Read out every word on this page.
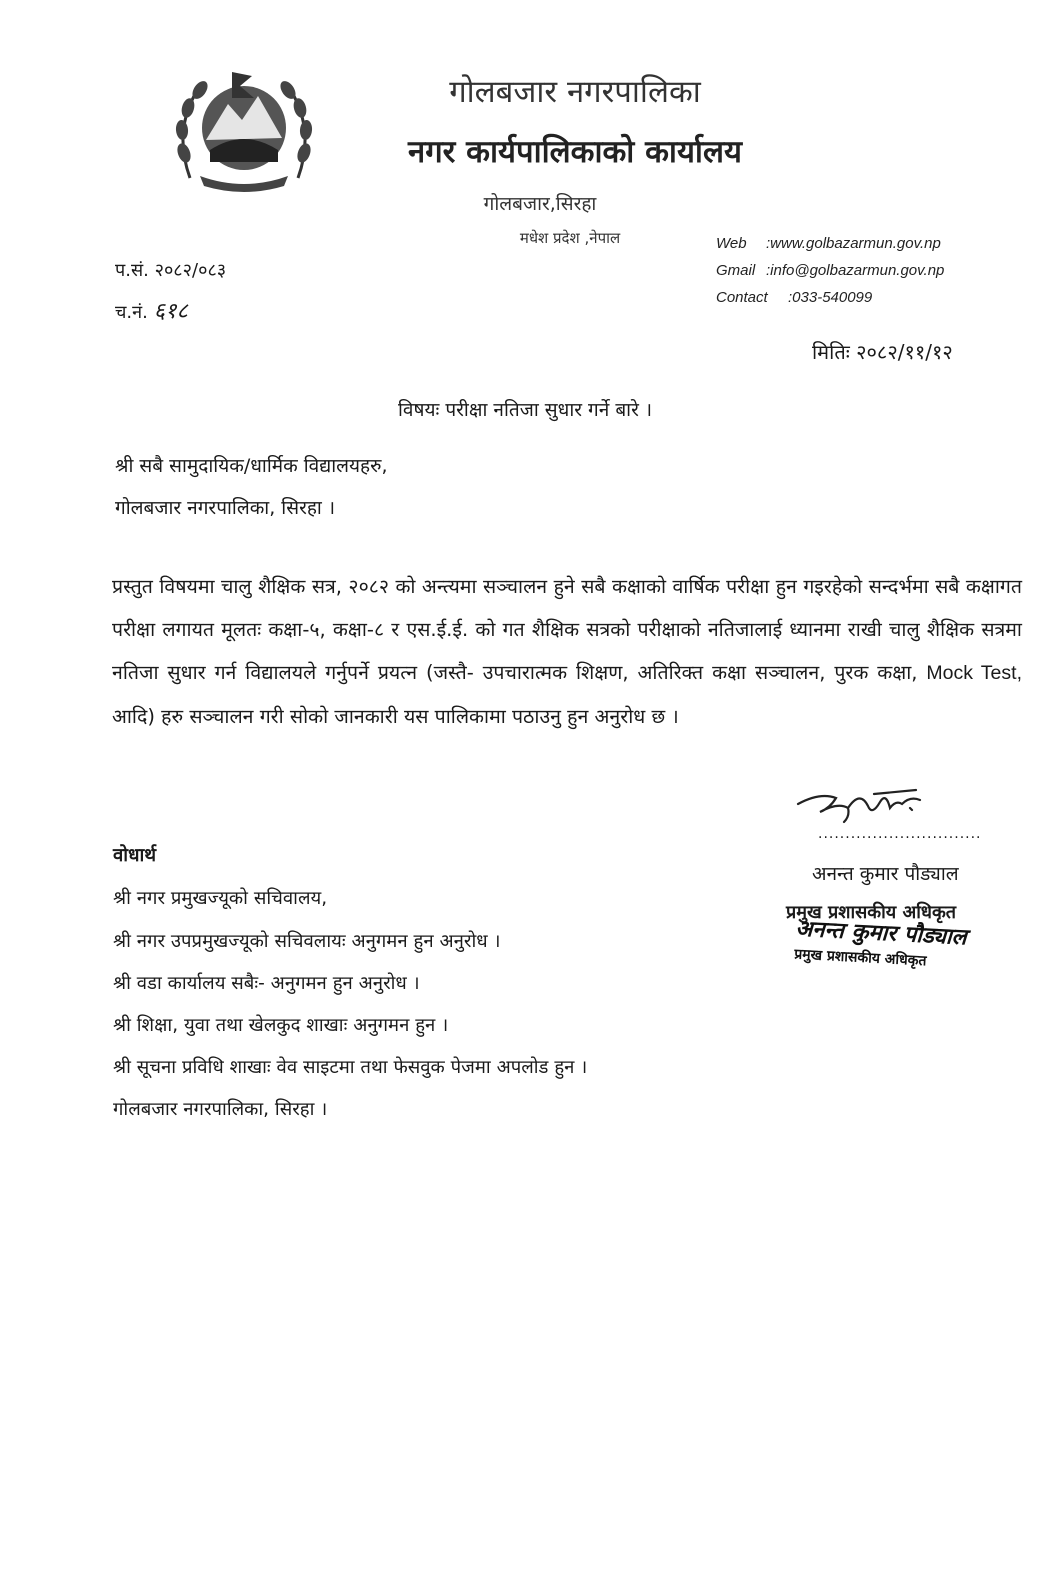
गोलबजार नगरपालिका
नगर कार्यपालिकाको कार्यालय
गोलबजार,सिरहा
मधेश प्रदेश ,नेपाल	Web :www.golbazarmun.gov.np
Gmail :info@golbazarmun.gov.np
Contact :033-540099
प.सं. २०८२/०८३
च.नं. ६१८
मितिः २०८२/११/१२
विषयः परीक्षा नतिजा सुधार गर्ने बारे ।
श्री सबै सामुदायिक/धार्मिक विद्यालयहरु,
गोलबजार नगरपालिका, सिरहा ।
प्रस्तुत विषयमा चालु शैक्षिक सत्र, २०८२ को अन्त्यमा सञ्चालन हुने सबै कक्षाको वार्षिक परीक्षा हुन गइरहेको सन्दर्भमा सबै कक्षागत परीक्षा लगायत मूलतः कक्षा-५, कक्षा-८ र एस.ई.ई. को गत शैक्षिक सत्रको परीक्षाको नतिजालाई ध्यानमा राखी चालु शैक्षिक सत्रमा नतिजा सुधार गर्न विद्यालयले गर्नुपर्ने प्रयत्न (जस्तै- उपचारात्मक शिक्षण, अतिरिक्त कक्षा सञ्चालन, पुरक कक्षा, Mock Test, आदि) हरु सञ्चालन गरी सोको जानकारी यस पालिकामा पठाउनु हुन अनुरोध छ ।
..............................
अनन्त कुमार पौड्याल
प्रमुख प्रशासकीय अधिकृत
अनन्त कुमार पौड्याल
प्रमुख प्रशासकीय अधिकृत
वोधार्थ
श्री नगर प्रमुखज्यूको सचिवालय,
श्री नगर उपप्रमुखज्यूको सचिवलायः अनुगमन हुन अनुरोध ।
श्री वडा कार्यालय सबैः- अनुगमन हुन अनुरोध ।
श्री शिक्षा, युवा तथा खेलकुद शाखाः अनुगमन हुन ।
श्री सूचना प्रविधि शाखाः वेव साइटमा तथा फेसवुक पेजमा अपलोड हुन ।
गोलबजार नगरपालिका, सिरहा ।
